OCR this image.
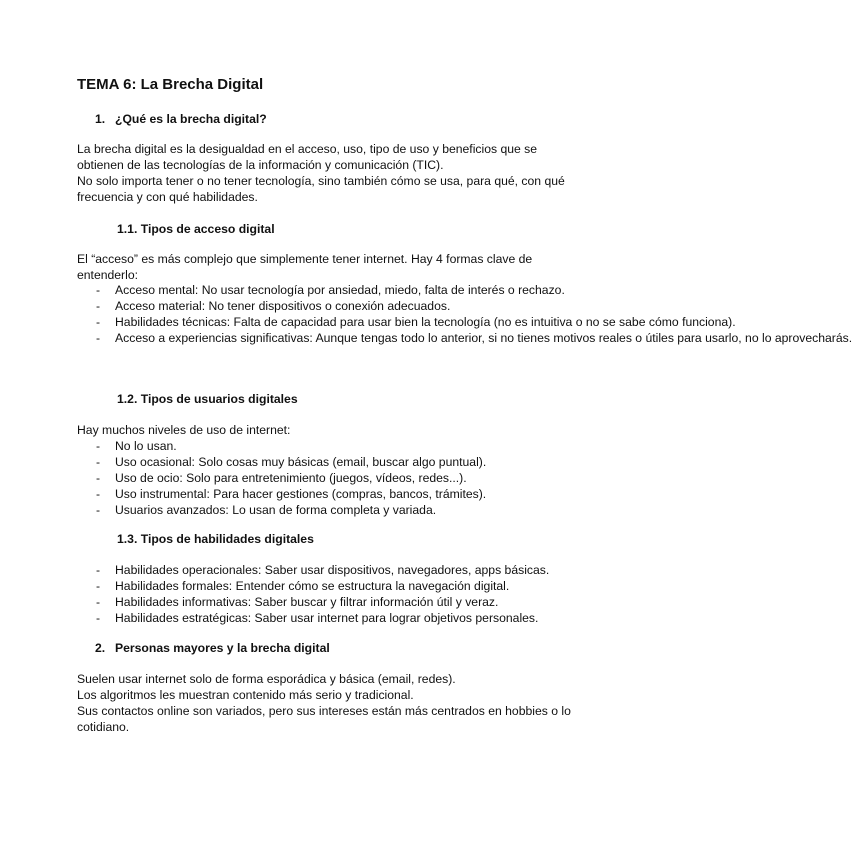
TEMA 6: La Brecha Digital
1. ¿Qué es la brecha digital?

La brecha digital es la desigualdad en el acceso, uso, tipo de uso y beneficios que se obtienen de las tecnologías de la información y comunicación (TIC).

No solo importa tener o no tener tecnología, sino también cómo se usa, para qué, con qué frecuencia y con qué habilidades.

1.1. Tipos de acceso digital
El “acceso” es más complejo que simplemente tener internet. Hay 4 formas clave de entenderlo:
- Acceso mental: No usar tecnología por ansiedad, miedo, falta de interés o rechazo.
- Acceso material: No tener dispositivos o conexión adecuados.
- Habilidades técnicas: Falta de capacidad para usar bien la tecnología (no es intuitiva o no se sabe cómo funciona).
- Acceso a experiencias significativas: Aunque tengas todo lo anterior, si no tienes motivos reales o útiles para usarlo, no lo aprovecharás.
1.2. Tipos de usuarios digitales
Hay muchos niveles de uso de internet:
- No lo usan.
- Uso ocasional: Solo cosas muy básicas (email, buscar algo puntual).
- Uso de ocio: Solo para entretenimiento (juegos, vídeos, redes...).
- Uso instrumental: Para hacer gestiones (compras, bancos, trámites).
- Usuarios avanzados: Lo usan de forma completa y variada.
1.3. Tipos de habilidades digitales
- Habilidades operacionales: Saber usar dispositivos, navegadores, apps básicas.
- Habilidades formales: Entender cómo se estructura la navegación digital.
- Habilidades informativas: Saber buscar y filtrar información útil y veraz.
- Habilidades estratégicas: Saber usar internet para lograr objetivos personales.
2. Personas mayores y la brecha digital

Suelen usar internet solo de forma esporádica y básica (email, redes).

Los algoritmos les muestran contenido más serio y tradicional.

Sus contactos online son variados, pero sus intereses están más centrados en hobbies o lo cotidiano.
